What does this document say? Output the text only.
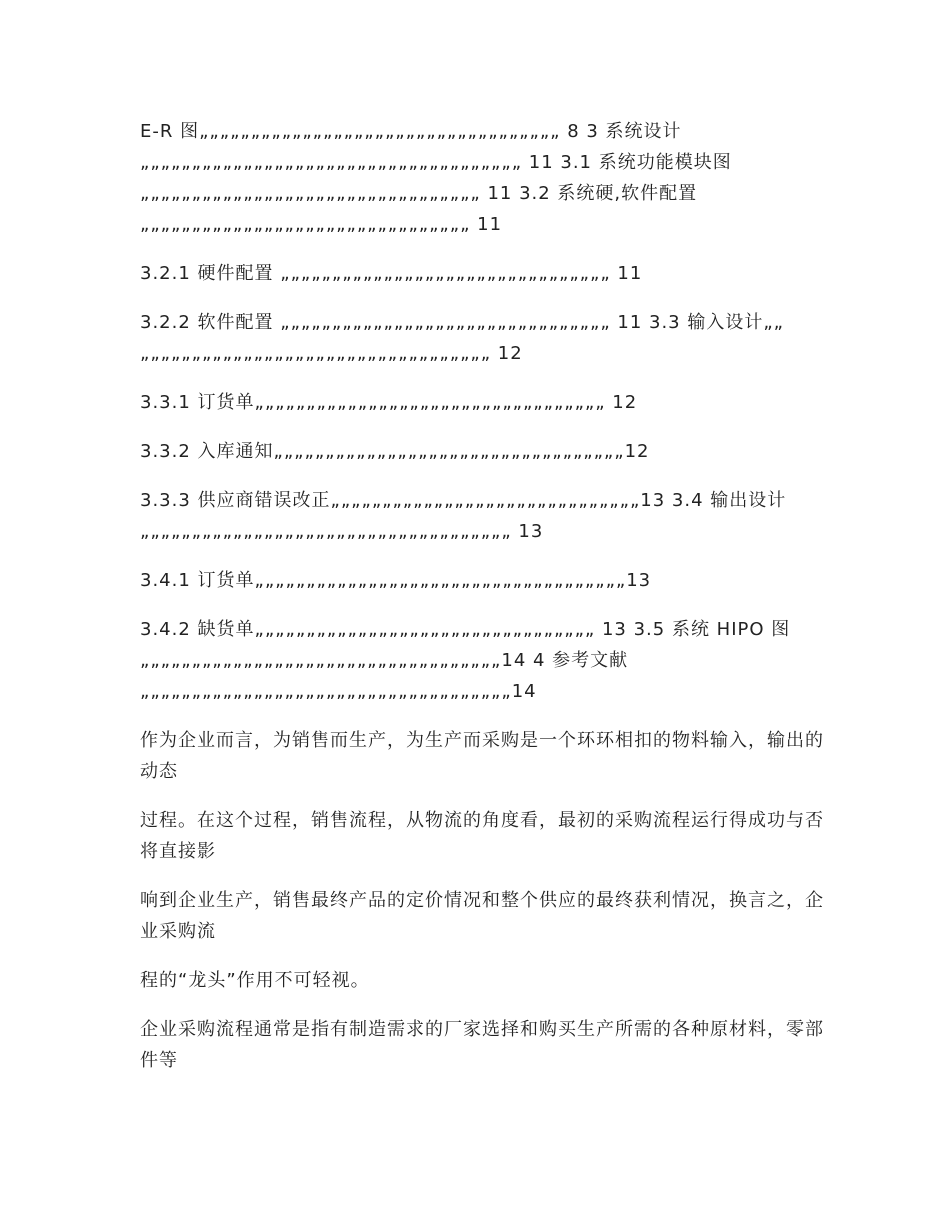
E-R 图„„„„„„„„„„„„„„„„„„„„„„„„„„„„„„„„„„„ 8 3 系统设计 „„„„„„„„„„„„„„„„„„„„„„„„„„„„„„„„„„„„„ 11 3.1 系统功能模块图„„„„„„„„„„„„„„„„„„„„„„„„„„„„„„„„„ 11 3.2 系统硬,软件配置„„„„„„„„„„„„„„„„„„„„„„„„„„„„„„„„ 11

3.2.1 硬件配置 „„„„„„„„„„„„„„„„„„„„„„„„„„„„„„„„ 11

3.2.2 软件配置 „„„„„„„„„„„„„„„„„„„„„„„„„„„„„„„„ 11 3.3 输入设计„„ „„„„„„„„„„„„„„„„„„„„„„„„„„„„„„„„„„ 12

3.3.1 订货单„„„„„„„„„„„„„„„„„„„„„„„„„„„„„„„„„„ 12

3.3.2 入库通知„„„„„„„„„„„„„„„„„„„„„„„„„„„„„„„„„„12

3.3.3 供应商错误改正„„„„„„„„„„„„„„„„„„„„„„„„„„„„„„13 3.4 输出设计„„„„„„„„„„„„„„„„„„„„„„„„„„„„„„„„„„„„ 13

3.4.1 订货单„„„„„„„„„„„„„„„„„„„„„„„„„„„„„„„„„„„„13

3.4.2 缺货单„„„„„„„„„„„„„„„„„„„„„„„„„„„„„„„„„ 13 3.5 系统 HIPO 图„„„„„„„„„„„„„„„„„„„„„„„„„„„„„„„„„„„14 4 参考文献„„„„„„„„„„„„„„„„„„„„„„„„„„„„„„„„„„„„14

作为企业而言，为销售而生产，为生产而采购是一个环环相扣的物料输入，输出的动态

过程。在这个过程，销售流程，从物流的角度看，最初的采购流程运行得成功与否将直接影

响到企业生产，销售最终产品的定价情况和整个供应的最终获利情况，换言之，企业采购流

程的“龙头”作用不可轻视。

企业采购流程通常是指有制造需求的厂家选择和购买生产所需的各种原材料，零部件等
